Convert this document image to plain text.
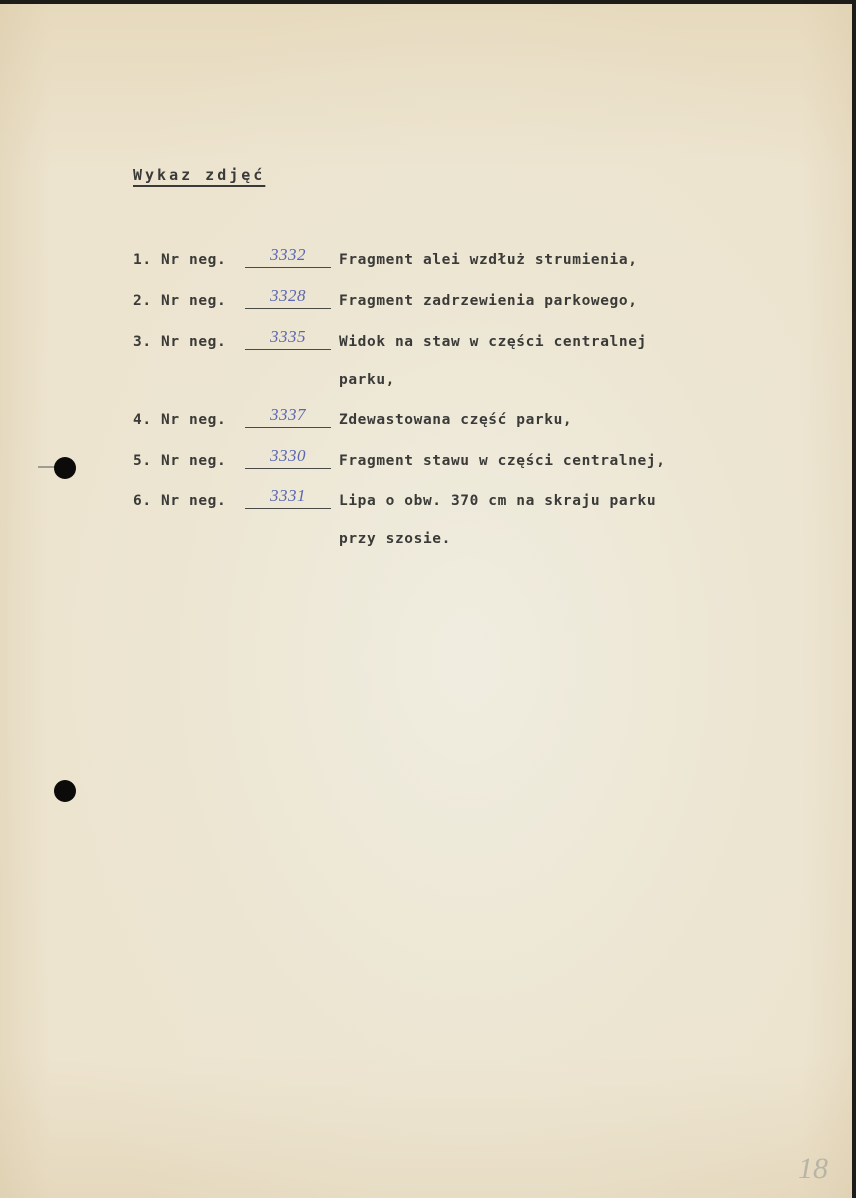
Wykaz zdjęć
1. Nr neg.	3332 Fragment alei wzdłuż strumienia,
2. Nr neg.	3328 Fragment zadrzewienia parkowego,
3. Nr neg.	3335 Widok na staw w części centralnej
parku,
4. Nr neg.	3337 Zdewastowana część parku,
5. Nr neg.	3330 Fragment stawu w części centralnej,
6. Nr neg.	3331 Lipa o obw. 370 cm na skraju parku
przy szosie.
18
